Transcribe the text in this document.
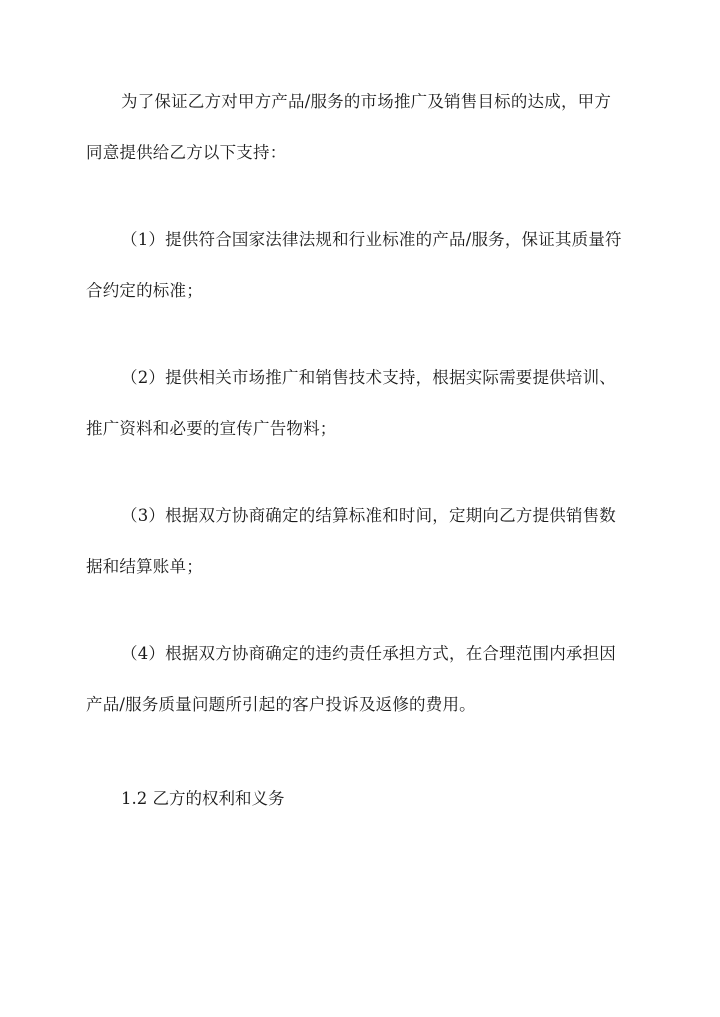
为了保证乙方对甲方产品/服务的市场推广及销售目标的达成，甲方
同意提供给乙方以下支持：

（1）提供符合国家法律法规和行业标准的产品/服务，保证其质量符
合约定的标准；

（2）提供相关市场推广和销售技术支持，根据实际需要提供培训、
推广资料和必要的宣传广告物料；

（3）根据双方协商确定的结算标准和时间，定期向乙方提供销售数
据和结算账单；

（4）根据双方协商确定的违约责任承担方式，在合理范围内承担因
产品/服务质量问题所引起的客户投诉及返修的费用。

1.2 乙方的权利和义务
